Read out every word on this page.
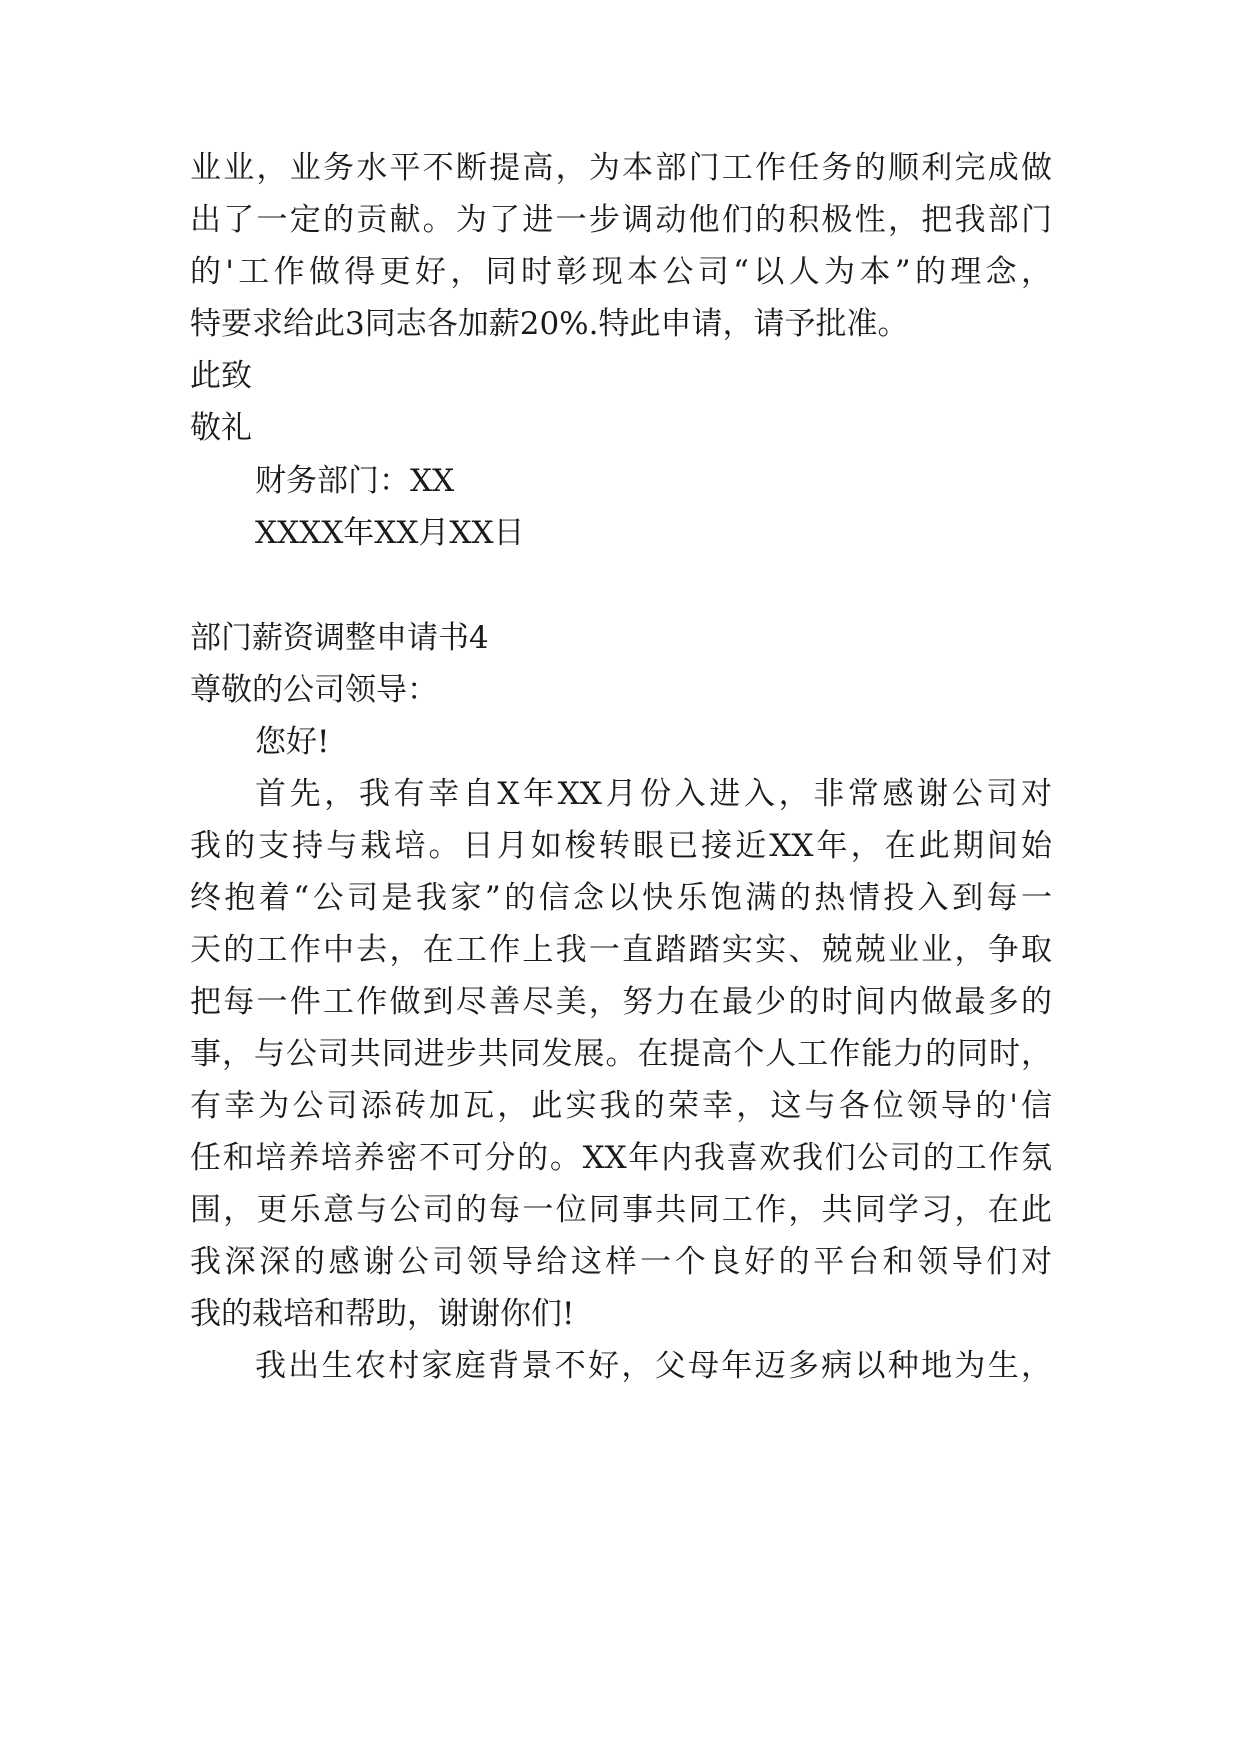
业业，业务水平不断提高，为本部门工作任务的顺利完成做

出了一定的贡献。为了进一步调动他们的积极性，把我部门

的'工作做得更好，同时彰现本公司“以人为本”的理念，

特要求给此3同志各加薪20%.特此申请，请予批准。

此致

敬礼

财务部门：XX

XXXX年XX月XX日

部门薪资调整申请书4

尊敬的公司领导：

您好!

首先，我有幸自X年XX月份入进入，非常感谢公司对

我的支持与栽培。日月如梭转眼已接近XX年，在此期间始

终抱着“公司是我家”的信念以快乐饱满的热情投入到每一

天的工作中去，在工作上我一直踏踏实实、兢兢业业，争取

把每一件工作做到尽善尽美，努力在最少的时间内做最多的

事，与公司共同进步共同发展。在提高个人工作能力的同时，

有幸为公司添砖加瓦，此实我的荣幸，这与各位领导的'信

任和培养培养密不可分的。XX年内我喜欢我们公司的工作氛

围，更乐意与公司的每一位同事共同工作，共同学习，在此

我深深的感谢公司领导给这样一个良好的平台和领导们对

我的栽培和帮助，谢谢你们!

我出生农村家庭背景不好，父母年迈多病以种地为生，
